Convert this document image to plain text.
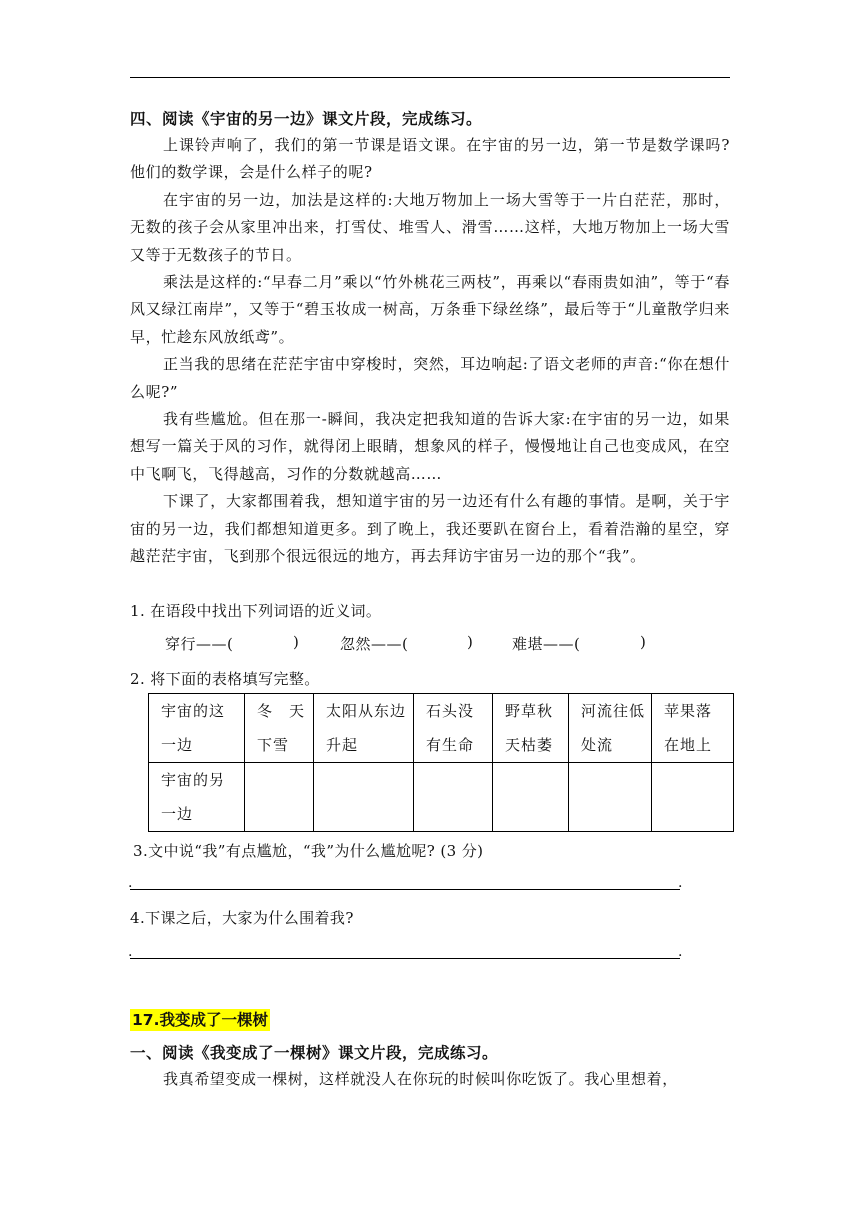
四、阅读《宇宙的另一边》课文片段，完成练习。

上课铃声响了，我们的第一节课是语文课。在宇宙的另一边，第一节是数学课吗?他们的数学课，会是什么样子的呢?

在宇宙的另一边，加法是这样的:大地万物加上一场大雪等于一片白茫茫，那时，无数的孩子会从家里冲出来，打雪仗、堆雪人、滑雪……这样，大地万物加上一场大雪又等于无数孩子的节日。

乘法是这样的:“早春二月”乘以“竹外桃花三两枝”，再乘以“春雨贵如油”，等于“春风又绿江南岸”，又等于“碧玉妆成一树高，万条垂下绿丝绦”，最后等于“儿童散学归来早，忙趁东风放纸鸢”。

正当我的思绪在茫茫宇宙中穿梭时，突然，耳边响起:了语文老师的声音:“你在想什么呢?”

我有些尴尬。但在那一-瞬间，我决定把我知道的告诉大家:在宇宙的另一边，如果想写一篇关于风的习作，就得闭上眼睛，想象风的样子，慢慢地让自己也变成风，在空中飞啊飞，飞得越高，习作的分数就越高……

下课了，大家都围着我，想知道宇宙的另一边还有什么有趣的事情。是啊，关于宇宙的另一边，我们都想知道更多。到了晚上，我还要趴在窗台上，看着浩瀚的星空，穿越茫茫宇宙，飞到那个很远很远的地方，再去拜访宇宙另一边的那个“我”。

1. 在语段中找出下列词语的近义词。
穿行——(	)	忽然——(	)	难堪——(	)
2. 将下面的表格填写完整。
宇宙的这一边	冬　天下雪	太阳从东边升起	石头没有生命	野草秋天枯萎	河流往低处流	苹果落在地上
宇宙的另一边						
3.文中说“我”有点尴尬，“我”为什么尴尬呢? (3 分)
.	.
4.下课之后，大家为什么围着我?
.	.
17.我变成了一棵树
一、阅读《我变成了一棵树》课文片段，完成练习。

我真希望变成一棵树，这样就没人在你玩的时候叫你吃饭了。我心里想着，
